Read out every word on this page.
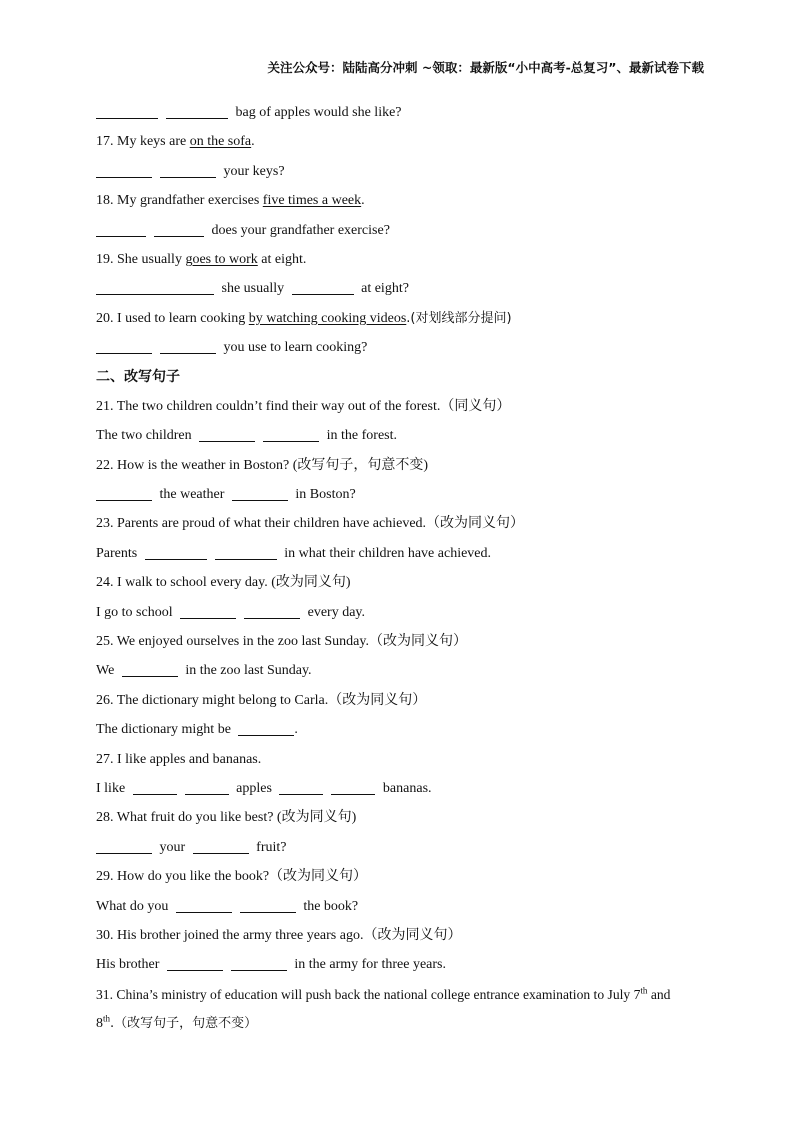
关注公众号：陆陆高分冲刺 ~领取：最新版“小中高考-总复习”、最新试卷下载
bag of apples would she like?
17. My keys are on the sofa.
your keys?
18. My grandfather exercises five times a week.
does your grandfather exercise?
19. She usually goes to work at eight.
she usually	at eight?
20. I used to learn cooking by watching cooking videos.(对划线部分提问)
you use to learn cooking?
二、改写句子
21. The two children couldn’t find their way out of the forest.（同义句）
The two children	in the forest.
22. How is the weather in Boston? (改写句子，句意不变)
the weather	in Boston?
23. Parents are proud of what their children have achieved.（改为同义句）
Parents	in what their children have achieved.
24. I walk to school every day. (改为同义句)
I go to school	every day.
25. We enjoyed ourselves in the zoo last Sunday.（改为同义句）
We	in the zoo last Sunday.
26. The dictionary might belong to Carla.（改为同义句）
The dictionary might be	.
27. I like apples and bananas.
I like	apples	bananas.
28. What fruit do you like best? (改为同义句)
your	fruit?
29. How do you like the book?（改为同义句）
What do you	the book?
30. His brother joined the army three years ago.（改为同义句）
His brother	in the army for three years.
31. China’s ministry of education will push back the national college entrance examination to July 7th and
8th.（改写句子，句意不变）
